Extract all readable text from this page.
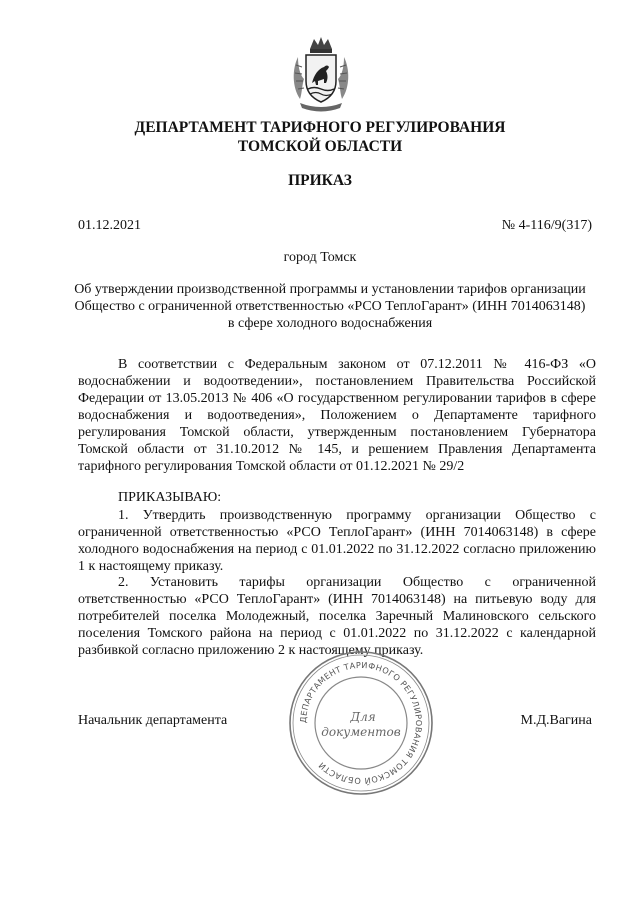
ДЕПАРТАМЕНТ ТАРИФНОГО РЕГУЛИРОВАНИЯ
ТОМСКОЙ ОБЛАСТИ
ПРИКАЗ
01.12.2021	№ 4-116/9(317)
город Томск
Об утверждении производственной программы и установлении тарифов организации
Общество с ограниченной ответственностью «РСО ТеплоГарант» (ИНН 7014063148)
в сфере холодного водоснабжения
В соответствии с Федеральным законом от 07.12.2011 № 416-ФЗ «О водоснабжении и водоотведении», постановлением Правительства Российской Федерации от 13.05.2013 № 406 «О государственном регулировании тарифов в сфере водоснабжения и водоотведения», Положением о Департаменте тарифного регулирования Томской области, утвержденным постановлением Губернатора Томской области от 31.10.2012 № 145, и решением Правления Департамента тарифного регулирования Томской области от 01.12.2021 № 29/2
ПРИКАЗЫВАЮ:
1. Утвердить производственную программу организации Общество с ограниченной ответственностью «РСО ТеплоГарант» (ИНН 7014063148) в сфере холодного водоснабжения на период с 01.01.2022 по 31.12.2022 согласно приложению 1 к настоящему приказу.
2. Установить тарифы организации Общество с ограниченной ответственностью «РСО ТеплоГарант» (ИНН 7014063148) на питьевую воду для потребителей поселка Молодежный, поселка Заречный Малиновского сельского поселения Томского района на период с 01.01.2022 по 31.12.2022 с календарной разбивкой согласно приложению 2 к настоящему приказу.
Начальник департамента	М.Д.Вагина
ДЕПАРТАМЕНТ ТАРИФНОГО РЕГУЛИРОВАНИЯ ТОМСКОЙ ОБЛАСТИ
Для
документов
